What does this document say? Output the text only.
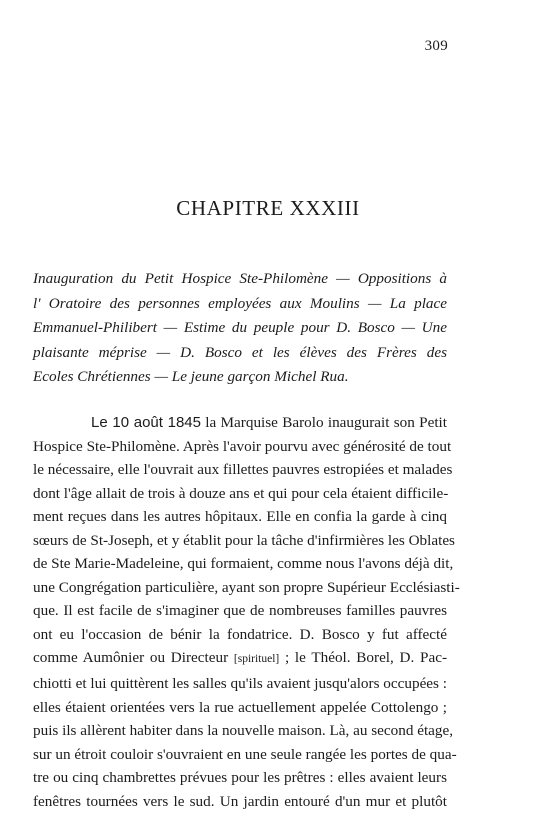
309
CHAPITRE XXXIII
Inauguration du Petit Hospice Ste-Philomène — Oppositions à
l' Oratoire des personnes employées aux Moulins — La place
Emmanuel-Philibert — Estime du peuple pour D. Bosco — Une
plaisante méprise — D. Bosco et les élèves des Frères des
Ecoles Chrétiennes — Le jeune garçon Michel Rua.
Le 10 août 1845 la Marquise Barolo inaugurait son Petit
Hospice Ste-Philomène. Après l'avoir pourvu avec générosité de tout
le nécessaire, elle l'ouvrait aux fillettes pauvres estropiées et malades
dont l'âge allait de trois à douze ans et qui pour cela étaient difficile-
ment reçues dans les autres hôpitaux. Elle en confia la garde à cinq
sœurs de St-Joseph, et y établit pour la tâche d'infirmières les Oblates
de Ste Marie-Madeleine, qui formaient, comme nous l'avons déjà dit,
une Congrégation particulière, ayant son propre Supérieur Ecclésiasti-
que. Il est facile de s'imaginer que de nombreuses familles pauvres
ont eu l'occasion de bénir la fondatrice. D. Bosco y fut affecté
comme Aumônier ou Directeur [spirituel] ; le Théol. Borel, D. Pac-
chiotti et lui quittèrent les salles qu'ils avaient jusqu'alors occupées :
elles étaient orientées vers la rue actuellement appelée Cottolengo ;
puis ils allèrent habiter dans la nouvelle maison. Là, au second étage,
sur un étroit couloir s'ouvraient en une seule rangée les portes de qua-
tre ou cinq chambrettes prévues pour les prêtres : elles avaient leurs
fenêtres tournées vers le sud. Un jardin entouré d'un mur et plutôt
